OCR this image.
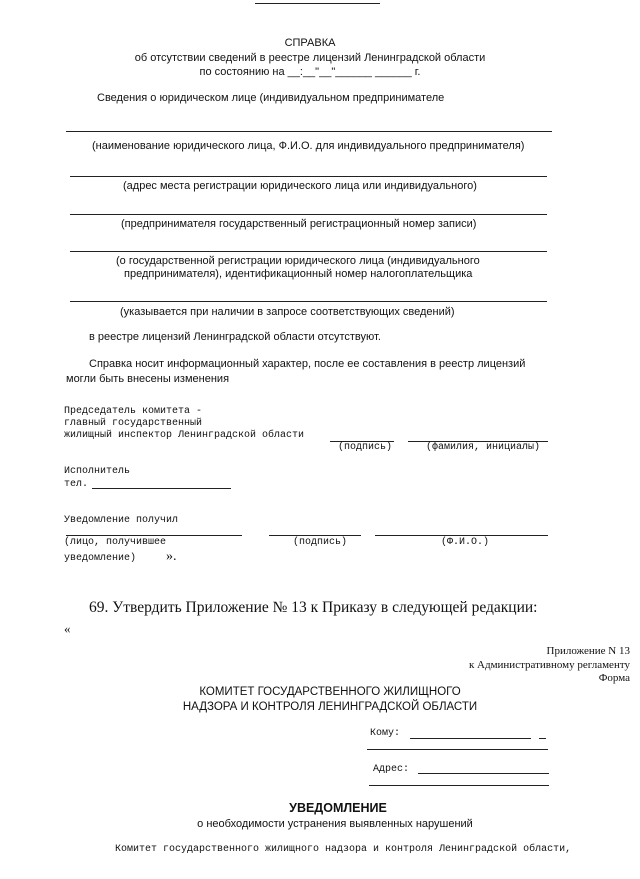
СПРАВКА
об отсутствии сведений в реестре лицензий Ленинградской области
по состоянию на __:__"__"______ ______ г.
Сведения о юридическом лице (индивидуальном предпринимателе
(наименование юридического лица, Ф.И.О. для индивидуального предпринимателя)
(адрес места регистрации юридического лица или индивидуального)
(предпринимателя государственный регистрационный номер записи)
(о государственной регистрации юридического лица (индивидуального
предпринимателя), идентификационный номер налогоплательщика
(указывается при наличии в запросе соответствующих сведений)
в реестре лицензий Ленинградской области отсутствуют.
Справка носит информационный характер, после ее составления в реестр лицензий
могли быть внесены изменения
Председатель комитета -
главный государственный
жилищный инспектор Ленинградской области
(подпись)	(фамилия, инициалы)
Исполнитель
тел.
Уведомление получил
(лицо, получившее	(подпись)	(Ф.И.О.)
уведомление) ».
69. Утвердить Приложение № 13 к Приказу в следующей редакции:
«
Приложение N 13
к Административному регламенту
Форма
КОМИТЕТ ГОСУДАРСТВЕННОГО ЖИЛИЩНОГО
НАДЗОРА И КОНТРОЛЯ ЛЕНИНГРАДСКОЙ ОБЛАСТИ
Кому:
Адрес:
УВЕДОМЛЕНИЕ
о необходимости устранения выявленных нарушений
Комитет государственного жилищного надзора и контроля Ленинградской области,
